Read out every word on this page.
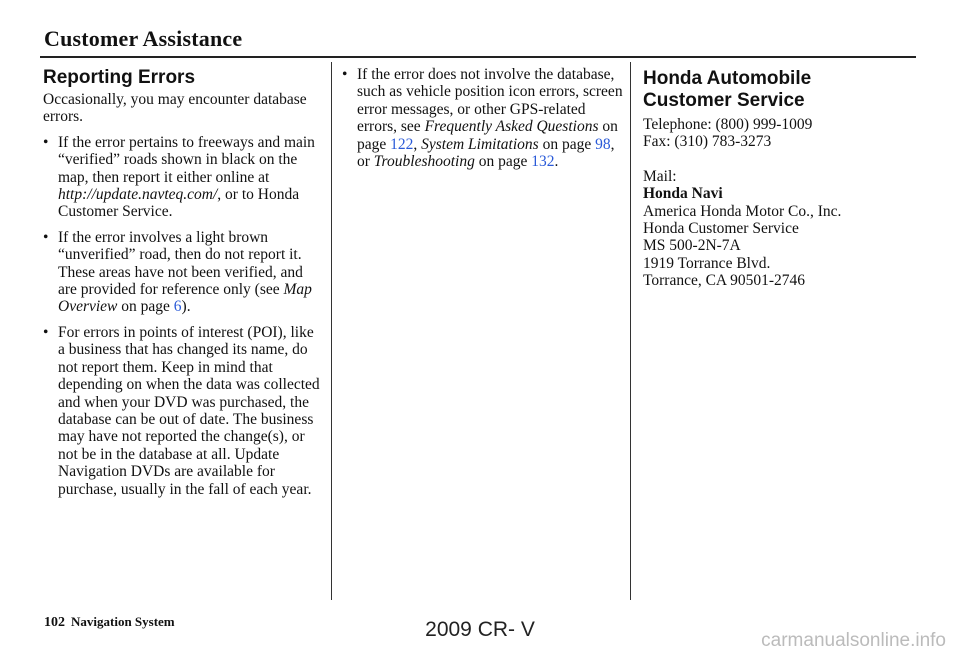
Customer Assistance
Reporting Errors

Occasionally, you may encounter database errors.

• If the error pertains to freeways and main “verified” roads shown in black on the map, then report it either online at http://update.navteq.com/, or to Honda Customer Service.
• If the error involves a light brown “unverified” road, then do not report it. These areas have not been verified, and are provided for reference only (see Map Overview on page 6).
• For errors in points of interest (POI), like a business that has changed its name, do not report them. Keep in mind that depending on when the data was collected and when your DVD was purchased, the database can be out of date. The business may have not reported the change(s), or not be in the database at all. Update Navigation DVDs are available for purchase, usually in the fall of each year.
• If the error does not involve the database, such as vehicle position icon errors, screen error messages, or other GPS-related errors, see Frequently Asked Questions on page 122, System Limitations on page 98, or Troubleshooting on page 132.
Honda Automobile
Customer Service
Telephone: (800) 999-1009
Fax: (310) 783-3273
Mail:
Honda Navi
America Honda Motor Co., Inc.
Honda Customer Service
MS 500-2N-7A
1919 Torrance Blvd.
Torrance, CA 90501-2746
102 Navigation System	2009 CR- V	carmanualsonline.info
